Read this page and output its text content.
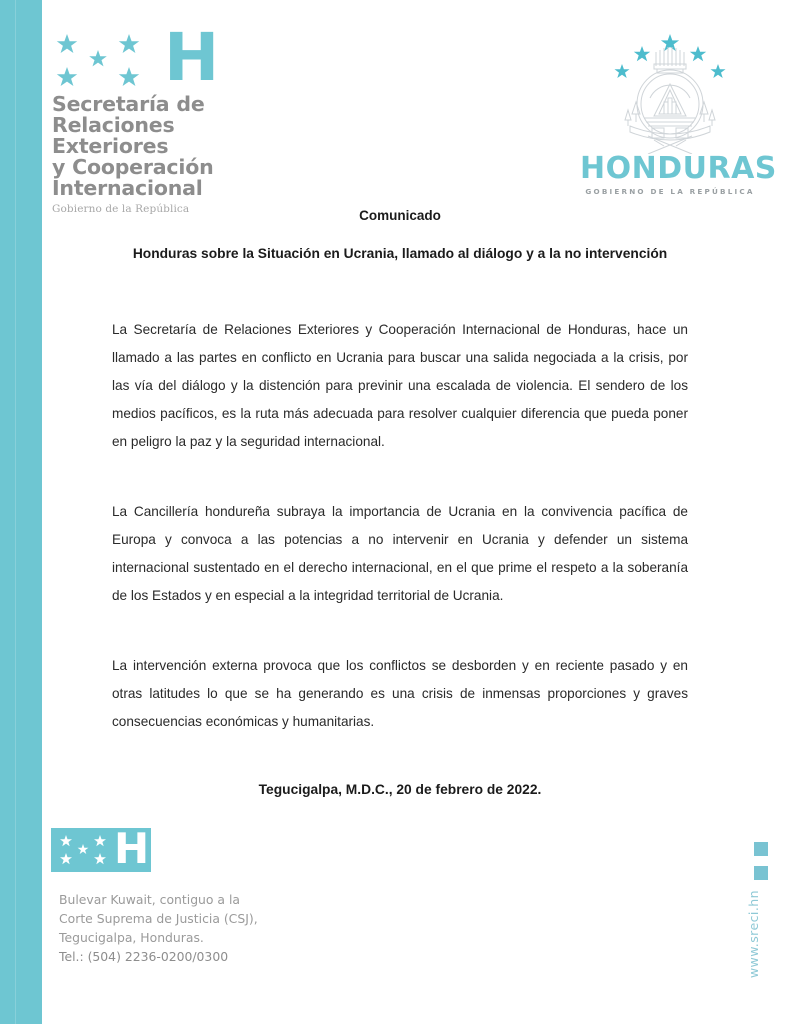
H
Secretaría de
Relaciones
Exteriores
y Cooperación
Internacional
Gobierno de la República
HONDURAS
GOBIERNO DE LA REPÚBLICA
Comunicado
Honduras sobre la Situación en Ucrania, llamado al diálogo y a la no intervención
La Secretaría de Relaciones Exteriores y Cooperación Internacional de Honduras, hace un llamado a las partes en conflicto en Ucrania para buscar una salida negociada a la crisis, por las vía del diálogo y la distención para previnir una escalada de violencia. El sendero de los medios pacíficos, es la ruta más adecuada para resolver cualquier diferencia que pueda poner en peligro la paz y la seguridad internacional.
La Cancillería hondureña subraya la importancia de Ucrania en la convivencia pacífica de Europa y convoca a las potencias a no intervenir en Ucrania y defender un sistema internacional sustentado en el derecho internacional, en el que prime el respeto a la soberanía de los Estados y en especial a la integridad territorial de Ucrania.
La intervención externa provoca que los conflictos se desborden y en reciente pasado y en otras latitudes lo que se ha generando es una crisis de inmensas proporciones y graves consecuencias económicas y humanitarias.
Tegucigalpa, M.D.C., 20 de febrero de 2022.
H
Bulevar Kuwait, contiguo a la
Corte Suprema de Justicia (CSJ),
Tegucigalpa, Honduras.
Tel.: (504) 2236-0200/0300	www.sreci.hn
